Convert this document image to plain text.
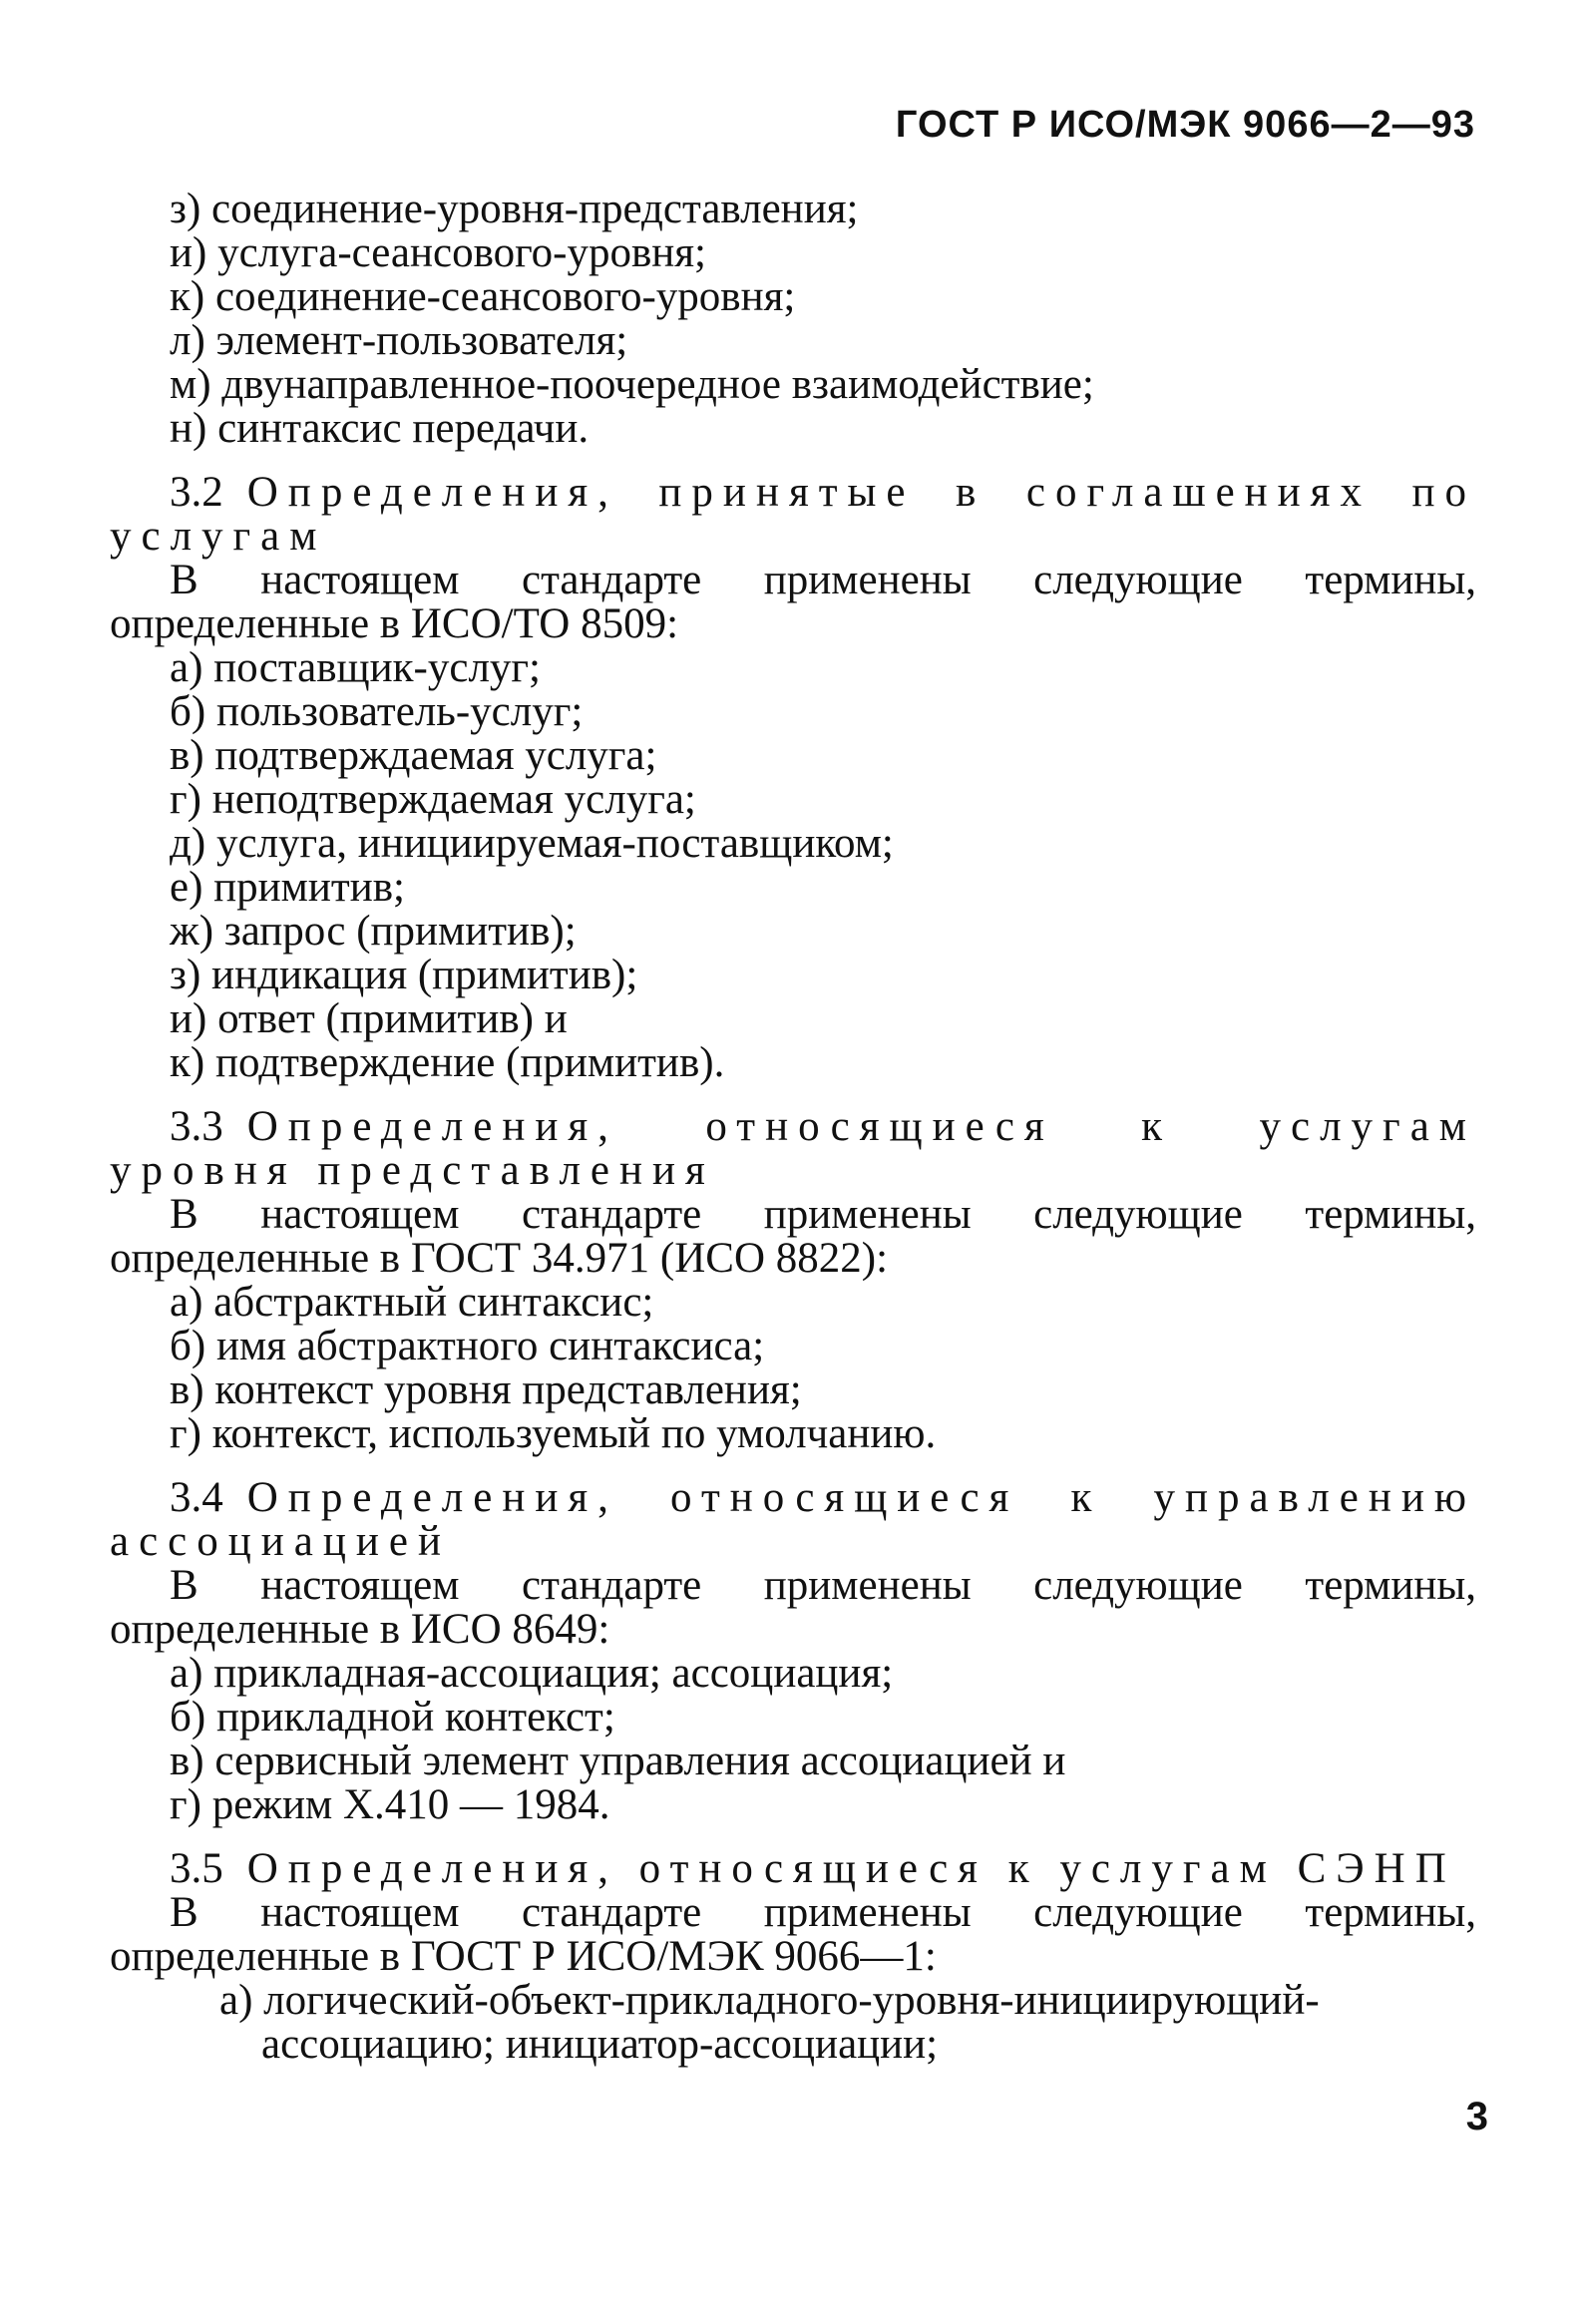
ГОСТ Р ИСО/МЭК 9066—2—93
з) соединение-уровня-представления;
и) услуга-сеансового-уровня;
к) соединение-сеансового-уровня;
л) элемент-пользователя;
м) двунаправленное-поочередное взаимодействие;
н) синтаксис передачи.
3.2 Определения, принятые в соглашениях по услугам
В настоящем стандарте применены следующие термины, определенные в ИСО/ТО 8509:
а) поставщик-услуг;
б) пользователь-услуг;
в) подтверждаемая услуга;
г) неподтверждаемая услуга;
д) услуга, инициируемая-поставщиком;
е) примитив;
ж) запрос (примитив);
з) индикация (примитив);
и) ответ (примитив) и
к) подтверждение (примитив).
3.3 Определения, относящиеся к услугам уровня представления
В настоящем стандарте применены следующие термины, определенные в ГОСТ 34.971 (ИСО 8822):
а) абстрактный синтаксис;
б) имя абстрактного синтаксиса;
в) контекст уровня представления;
г) контекст, используемый по умолчанию.
3.4 Определения, относящиеся к управлению ассоциацией
В настоящем стандарте применены следующие термины, определенные в ИСО 8649:
а) прикладная-ассоциация; ассоциация;
б) прикладной контекст;
в) сервисный элемент управления ассоциацией и
г) режим X.410 — 1984.
3.5 Определения, относящиеся к услугам СЭНП
В настоящем стандарте применены следующие термины, определенные в ГОСТ Р ИСО/МЭК 9066—1:
а) логический-объект-прикладного-уровня-инициирующий-ассоциацию; инициатор-ассоциации;
3
